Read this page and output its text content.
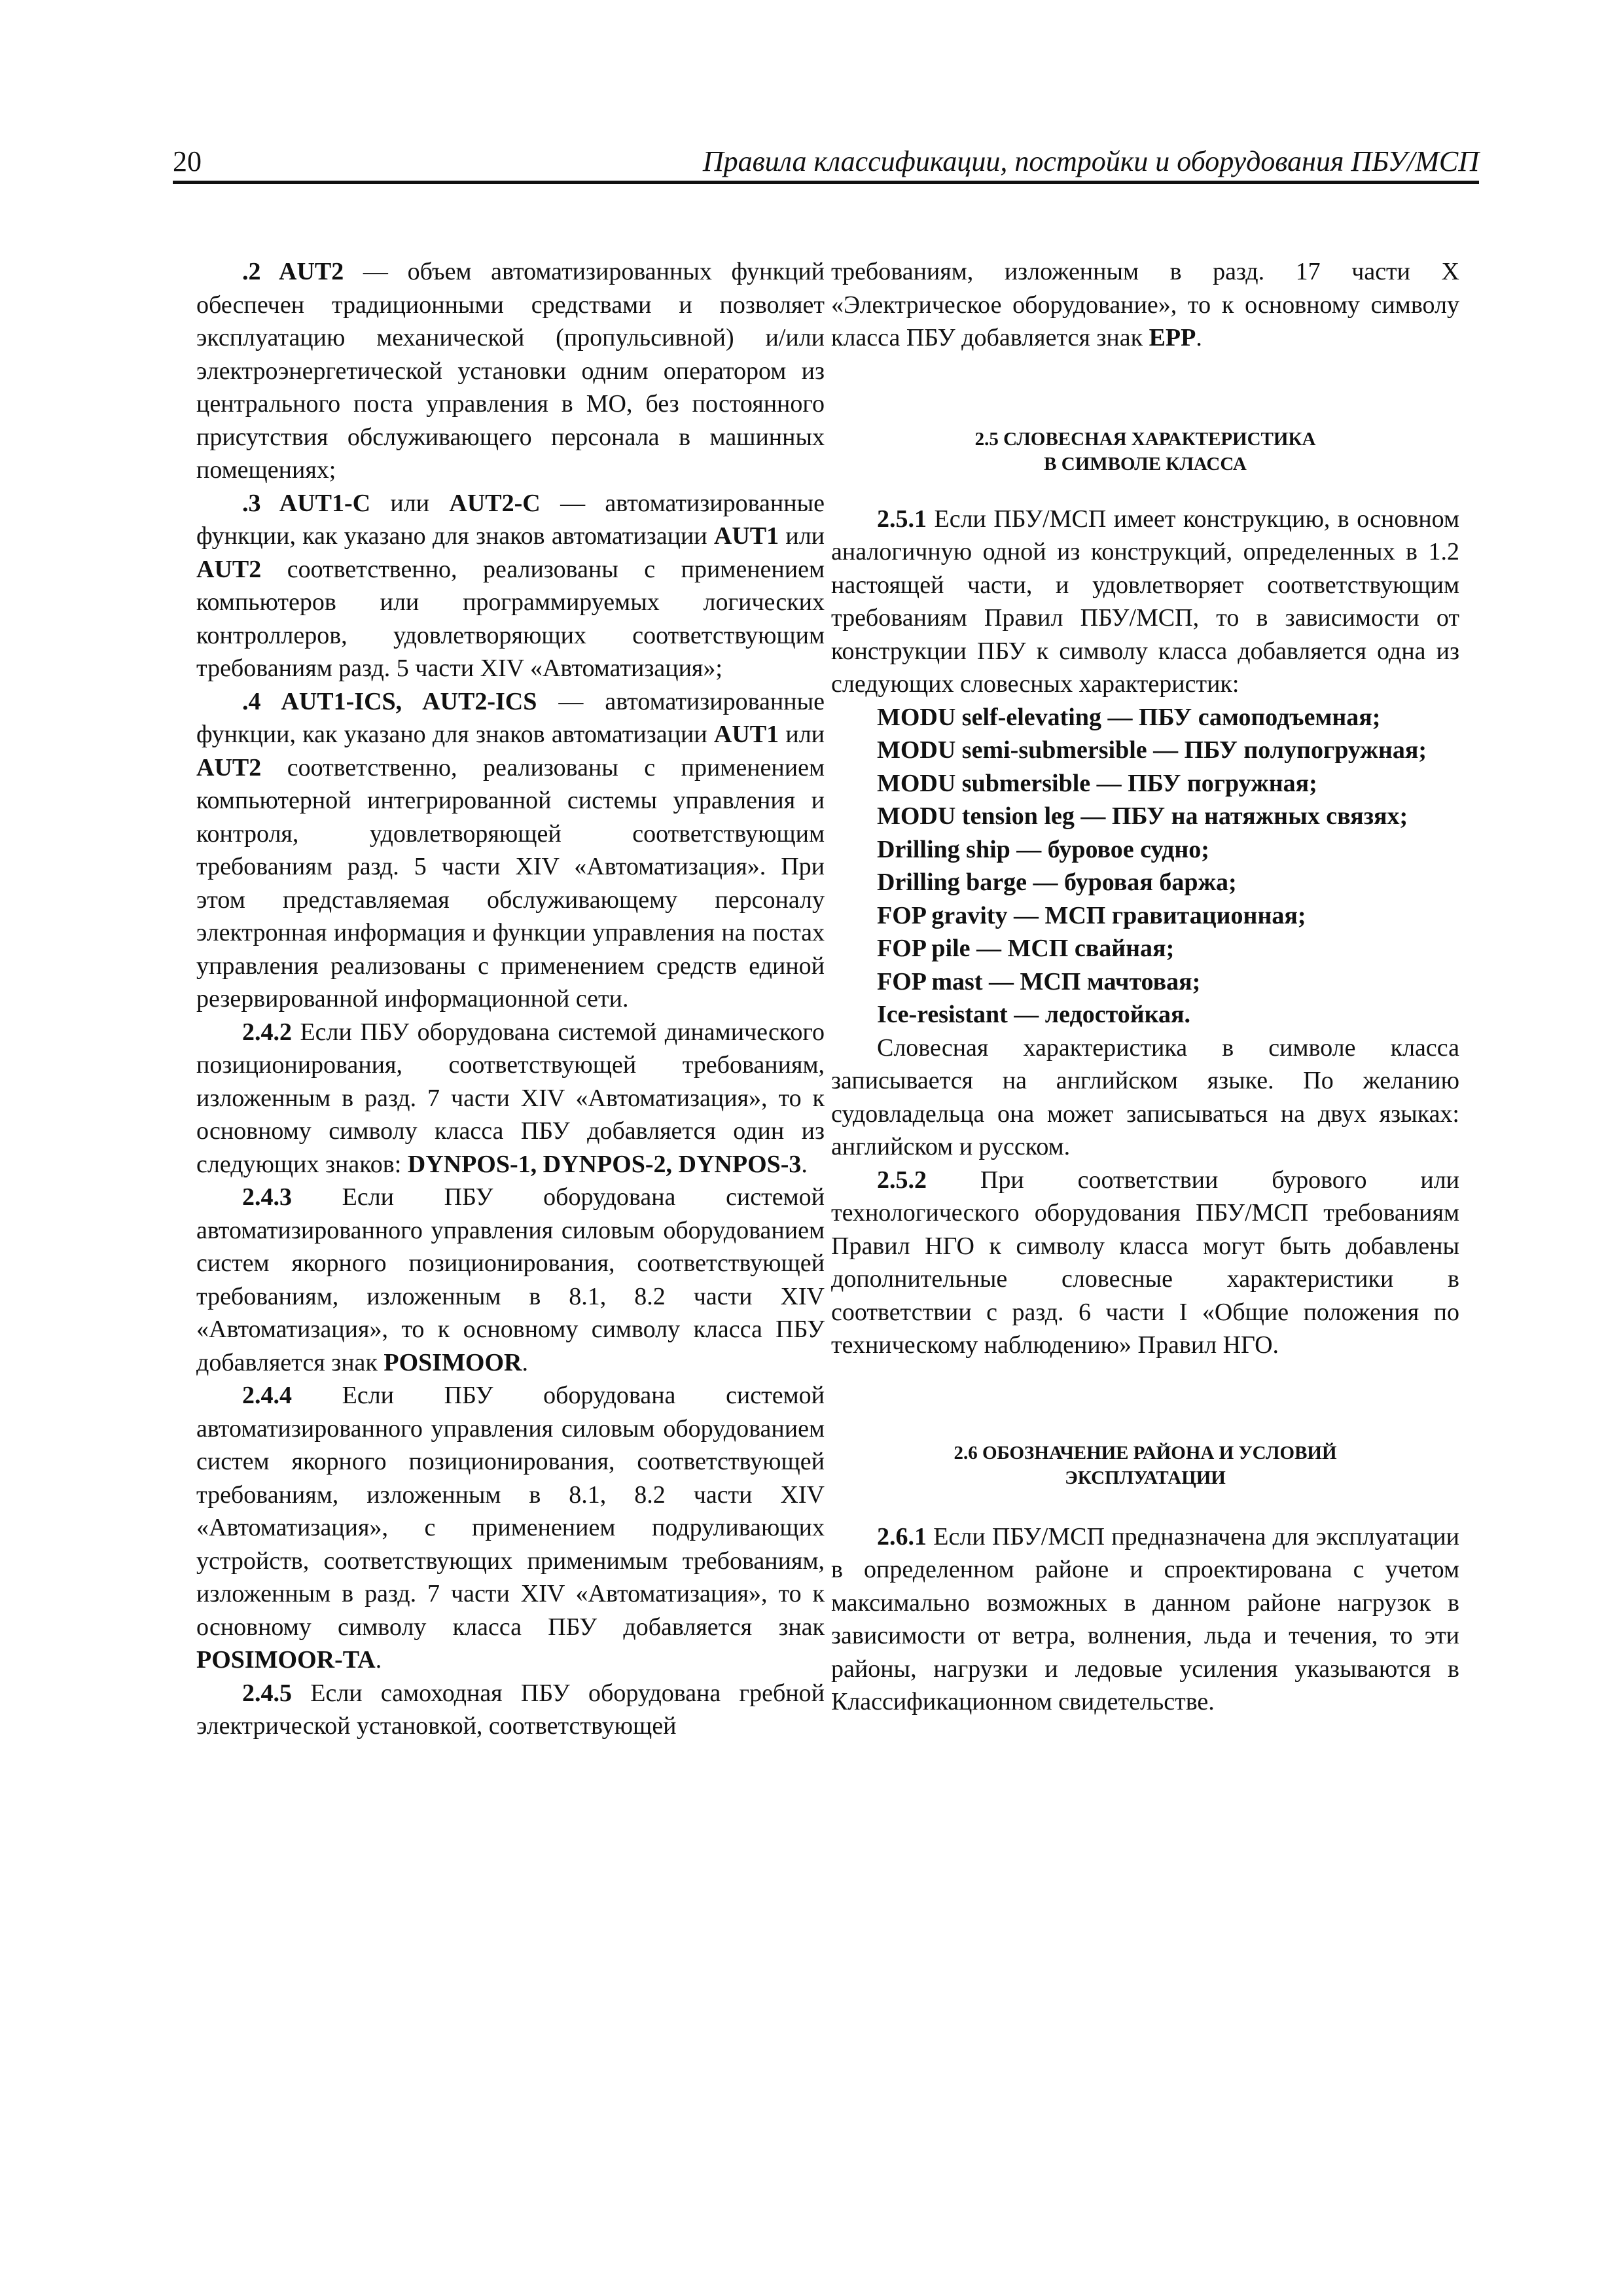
20	Правила классификации, постройки и оборудования ПБУ/МСП

.2 AUT2 — объем автоматизированных функций обеспечен традиционными средствами и позволяет эксплуатацию механической (пропульсивной) и/или электроэнергетической установки одним оператором из центрального поста управления в МО, без постоянного присутствия обслуживающего персонала в машинных помещениях;

.3 AUT1-C или AUT2-C — автоматизированные функции, как указано для знаков автоматизации AUT1 или AUT2 соответственно, реализованы с применением компьютеров или программируемых логических контроллеров, удовлетворяющих соответствующим требованиям разд. 5 части XIV «Автоматизация»;

.4 AUT1-ICS, AUT2-ICS — автоматизированные функции, как указано для знаков автоматизации AUT1 или AUT2 соответственно, реализованы с применением компьютерной интегрированной системы управления и контроля, удовлетворяющей соответствующим требованиям разд. 5 части XIV «Автоматизация». При этом представляемая обслуживающему персоналу электронная информация и функции управления на постах управления реализованы с применением средств единой резервированной информационной сети.

2.4.2 Если ПБУ оборудована системой динамического позиционирования, соответствующей требованиям, изложенным в разд. 7 части XIV «Автоматизация», то к основному символу класса ПБУ добавляется один из следующих знаков: DYNPOS-1, DYNPOS-2, DYNPOS-3.

2.4.3 Если ПБУ оборудована системой автоматизированного управления силовым оборудованием систем якорного позиционирования, соответствующей требованиям, изложенным в 8.1, 8.2 части XIV «Автоматизация», то к основному символу класса ПБУ добавляется знак POSIMOOR.

2.4.4 Если ПБУ оборудована системой автоматизированного управления силовым оборудованием систем якорного позиционирования, соответствующей требованиям, изложенным в 8.1, 8.2 части XIV «Автоматизация», с применением подруливающих устройств, соответствующих применимым требованиям, изложенным в разд. 7 части XIV «Автоматизация», то к основному символу класса ПБУ добавляется знак POSIMOOR-TA.

2.4.5 Если самоходная ПБУ оборудована гребной электрической установкой, соответствующей

требованиям, изложенным в разд. 17 части X «Электрическое оборудование», то к основному символу класса ПБУ добавляется знак EPP.

2.5 СЛОВЕСНАЯ ХАРАКТЕРИСТИКА
В СИМВОЛЕ КЛАССА

2.5.1 Если ПБУ/МСП имеет конструкцию, в основном аналогичную одной из конструкций, определенных в 1.2 настоящей части, и удовлетворяет соответствующим требованиям Правил ПБУ/МСП, то в зависимости от конструкции ПБУ к символу класса добавляется одна из следующих словесных характеристик:

MODU self-elevating — ПБУ самоподъемная;
MODU semi-submersible — ПБУ полупогружная;
MODU submersible — ПБУ погружная;
MODU tension leg — ПБУ на натяжных связях;
Drilling ship — буровое судно;
Drilling barge — буровая баржа;
FOP gravity — МСП гравитационная;
FOP pile — МСП свайная;
FOP mast — МСП мачтовая;
Ice-resistant — ледостойкая.

Словесная характеристика в символе класса записывается на английском языке. По желанию судовладельца она может записываться на двух языках: английском и русском.

2.5.2 При соответствии бурового или технологического оборудования ПБУ/МСП требованиям Правил НГО к символу класса могут быть добавлены дополнительные словесные характеристики в соответствии с разд. 6 части I «Общие положения по техническому наблюдению» Правил НГО.

2.6 ОБОЗНАЧЕНИЕ РАЙОНА И УСЛОВИЙ
ЭКСПЛУАТАЦИИ

2.6.1 Если ПБУ/МСП предназначена для эксплуатации в определенном районе и спроектирована с учетом максимально возможных в данном районе нагрузок в зависимости от ветра, волнения, льда и течения, то эти районы, нагрузки и ледовые усиления указываются в Классификационном свидетельстве.
